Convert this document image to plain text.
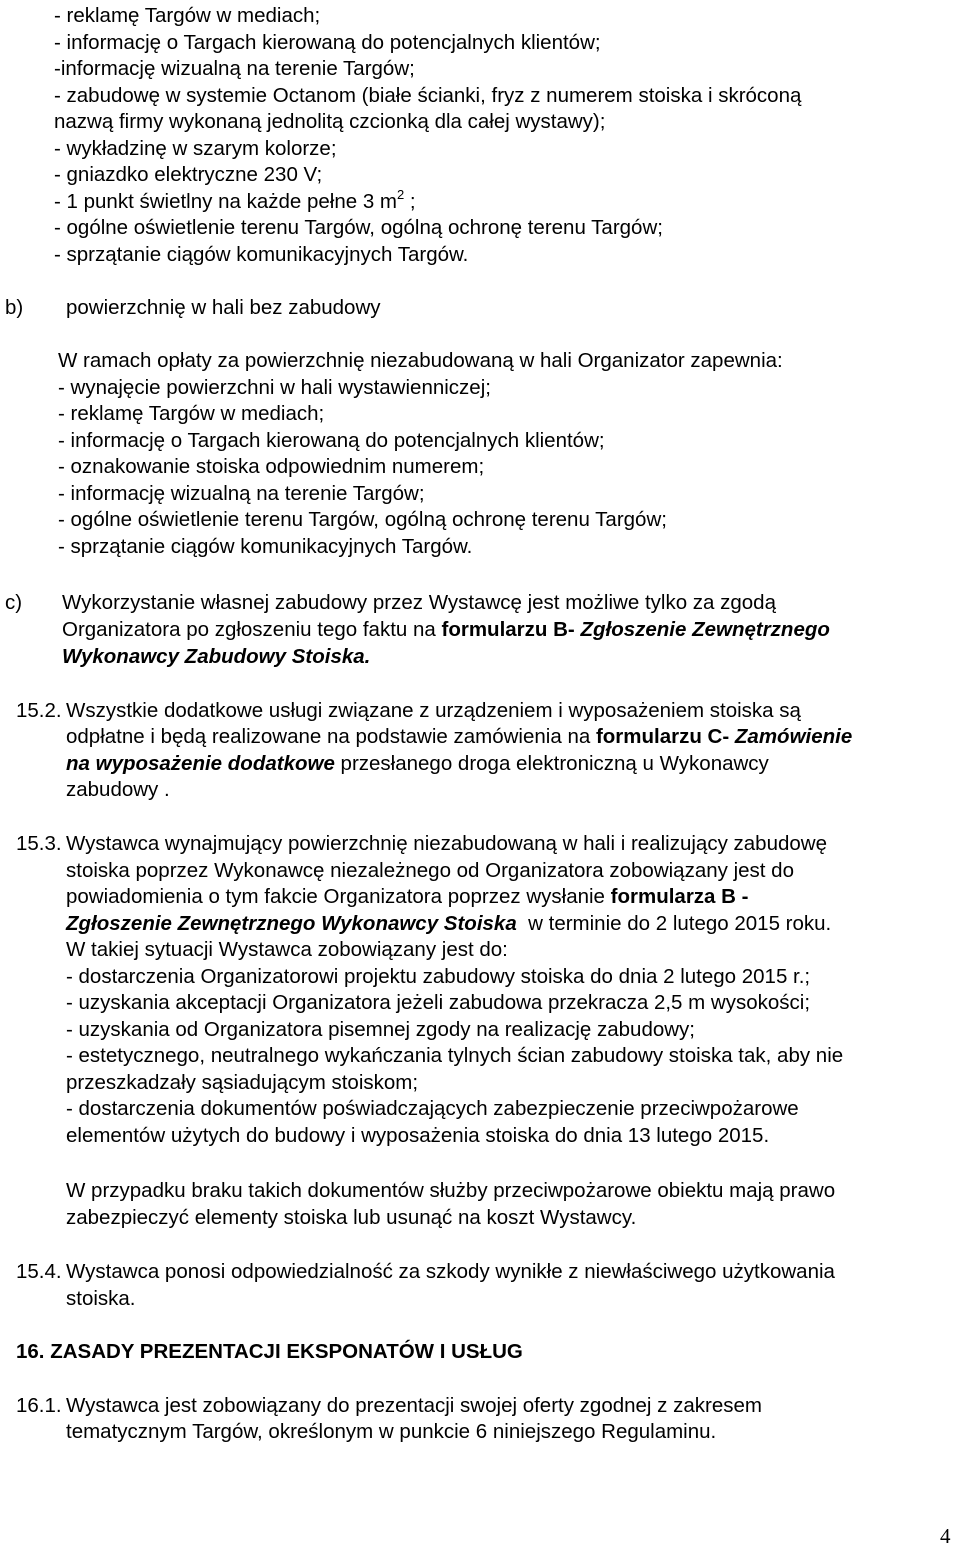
- reklamę Targów w mediach;
- informację o Targach kierowaną do potencjalnych klientów;
-informację wizualną na terenie Targów;
- zabudowę w systemie Octanom (białe ścianki, fryz z numerem stoiska i skróconą
nazwą firmy wykonaną jednolitą czcionką dla całej wystawy);
- wykładzinę w szarym kolorze;
- gniazdko elektryczne 230 V;
- 1 punkt świetlny na każde pełne 3 $m^2$ ;
- ogólne oświetlenie terenu Targów, ogólną ochronę terenu Targów;
- sprzątanie ciągów komunikacyjnych Targów.
b) powierzchnię w hali bez zabudowy
W ramach opłaty za powierzchnię niezabudowaną w hali Organizator zapewnia:
- wynajęcie powierzchni w hali wystawienniczej;
- reklamę Targów w mediach;
- informację o Targach kierowaną do potencjalnych klientów;
- oznakowanie stoiska odpowiednim numerem;
- informację wizualną na terenie Targów;
- ogólne oświetlenie terenu Targów, ogólną ochronę terenu Targów;
- sprzątanie ciągów komunikacyjnych Targów.
c) Wykorzystanie własnej zabudowy przez Wystawcę jest możliwe tylko za zgodą
Organizatora po zgłoszeniu tego faktu na formularzu B- Zgłoszenie Zewnętrznego
Wykonawcy Zabudowy Stoiska.
15.2. Wszystkie dodatkowe usługi związane z urządzeniem i wyposażeniem stoiska są
odpłatne i będą realizowane na podstawie zamówienia na formularzu C- Zamówienie
na wyposażenie dodatkowe przesłanego droga elektroniczną u Wykonawcy
zabudowy .
15.3. Wystawca wynajmujący powierzchnię niezabudowaną w hali i realizujący zabudowę
stoiska poprzez Wykonawcę niezależnego od Organizatora zobowiązany jest do
powiadomienia o tym fakcie Organizatora poprzez wysłanie formularza B -
Zgłoszenie Zewnętrznego Wykonawcy Stoiska  w terminie do 2 lutego 2015 roku.
W takiej sytuacji Wystawca zobowiązany jest do:
- dostarczenia Organizatorowi projektu zabudowy stoiska do dnia 2 lutego 2015 r.;
- uzyskania akceptacji Organizatora jeżeli zabudowa przekracza 2,5 m wysokości;
- uzyskania od Organizatora pisemnej zgody na realizację zabudowy;
- estetycznego, neutralnego wykańczania tylnych ścian zabudowy stoiska tak, aby nie
przeszkadzały sąsiadującym stoiskom;
- dostarczenia dokumentów poświadczających zabezpieczenie przeciwpożarowe
elementów użytych do budowy i wyposażenia stoiska do dnia 13 lutego 2015.
W przypadku braku takich dokumentów służby przeciwpożarowe obiektu mają prawo
zabezpieczyć elementy stoiska lub usunąć na koszt Wystawcy.
15.4. Wystawca ponosi odpowiedzialność za szkody wynikłe z niewłaściwego użytkowania
stoiska.
16. ZASADY PREZENTACJI EKSPONATÓW I USŁUG
16.1. Wystawca jest zobowiązany do prezentacji swojej oferty zgodnej z zakresem
tematycznym Targów, określonym w punkcie 6 niniejszego Regulaminu.
4
